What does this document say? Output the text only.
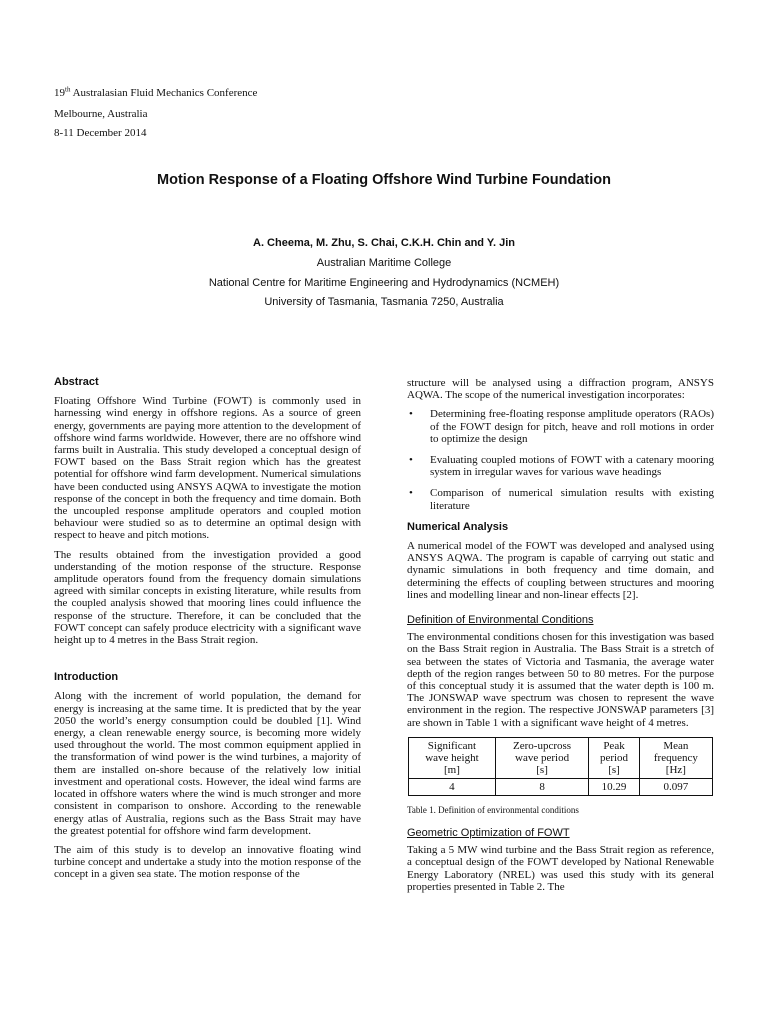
19th Australasian Fluid Mechanics Conference
Melbourne, Australia
8-11 December 2014
Motion Response of a Floating Offshore Wind Turbine Foundation
A. Cheema, M. Zhu, S. Chai, C.K.H. Chin and Y. Jin
Australian Maritime College
National Centre for Maritime Engineering and Hydrodynamics (NCMEH)
University of Tasmania, Tasmania 7250, Australia
Abstract

Floating Offshore Wind Turbine (FOWT) is commonly used in harnessing wind energy in offshore regions. As a source of green energy, governments are paying more attention to the development of offshore wind farms worldwide. However, there are no offshore wind farms built in Australia. This study developed a conceptual design of FOWT based on the Bass Strait region which has the greatest potential for offshore wind farm development. Numerical simulations have been conducted using ANSYS AQWA to investigate the motion response of the concept in both the frequency and time domain. Both the uncoupled response amplitude operators and coupled motion behaviour were studied so as to determine an optimal design with respect to heave and pitch motions.

The results obtained from the investigation provided a good understanding of the motion response of the structure. Response amplitude operators found from the frequency domain simulations agreed with similar concepts in existing literature, while results from the coupled analysis showed that mooring lines could influence the response of the structure. Therefore, it can be concluded that the FOWT concept can safely produce electricity with a significant wave height up to 4 metres in the Bass Strait region.

Introduction

Along with the increment of world population, the demand for energy is increasing at the same time. It is predicted that by the year 2050 the world’s energy consumption could be doubled [1]. Wind energy, a clean renewable energy source, is becoming more widely used throughout the world. The most common equipment applied in the transformation of wind power is the wind turbines, a majority of them are installed on-shore because of the relatively low initial investment and operational costs. However, the ideal wind farms are located in offshore waters where the wind is much stronger and more consistent in comparison to onshore. According to the renewable energy atlas of Australia, regions such as the Bass Strait may have the greatest potential for offshore wind farm development.

The aim of this study is to develop an innovative floating wind turbine concept and undertake a study into the motion response of the concept in a given sea state. The motion response of the

structure will be analysed using a diffraction program, ANSYS AQWA. The scope of the numerical investigation incorporates:

• Determining free-floating response amplitude operators (RAOs) of the FOWT design for pitch, heave and roll motions in order to optimize the design
• Evaluating coupled motions of FOWT with a catenary mooring system in irregular waves for various wave headings
• Comparison of numerical simulation results with existing literature
Numerical Analysis

A numerical model of the FOWT was developed and analysed using ANSYS AQWA. The program is capable of carrying out static and dynamic simulations in both frequency and time domain, and determining the effects of coupling between structures and mooring lines and modelling linear and non-linear effects [2].

Definition of Environmental Conditions

The environmental conditions chosen for this investigation was based on the Bass Strait region in Australia. The Bass Strait is a stretch of sea between the states of Victoria and Tasmania, the average water depth of the region ranges between 50 to 80 metres. For the purpose of this conceptual study it is assumed that the water depth is 100 m. The JONSWAP wave spectrum was chosen to represent the wave environment in the region. The respective JONSWAP parameters [3] are shown in Table 1 with a significant wave height of 4 metres.

Significant
wave height
[m]	Zero-upcross
wave period
[s]	Peak
period
[s]	Mean
frequency
[Hz]
4	8	10.29	0.097
Table 1. Definition of environmental conditions
Geometric Optimization of FOWT

Taking a 5 MW wind turbine and the Bass Strait region as reference, a conceptual design of the FOWT developed by National Renewable Energy Laboratory (NREL) was used this study with its general properties presented in Table 2. The
